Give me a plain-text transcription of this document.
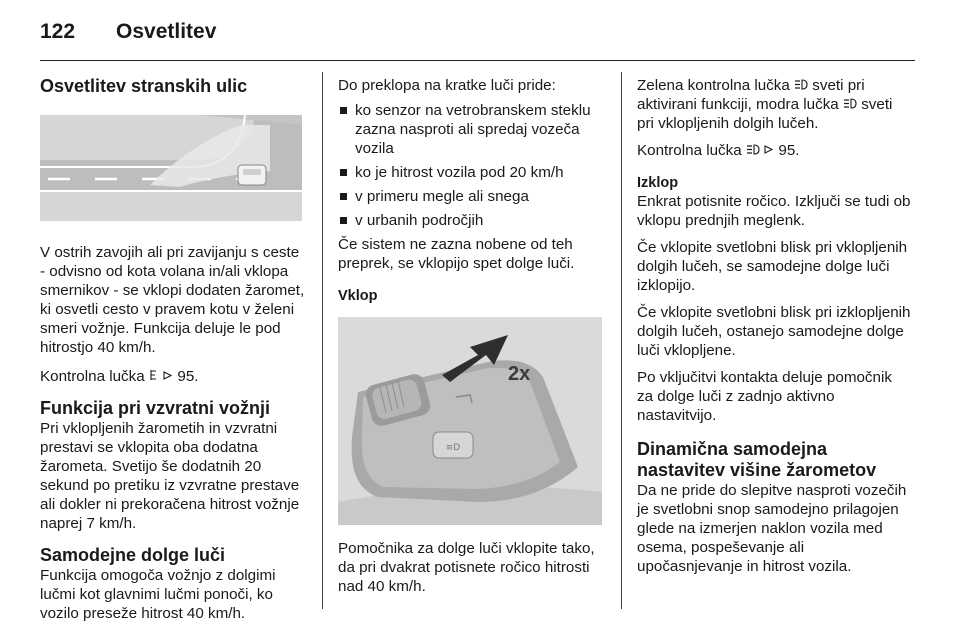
122 Osvetlitev
Osvetlitev stranskih ulic

V ostrih zavojih ali pri zavijanju s ceste - odvisno od kota volana in/ali vklopa smernikov - se vklopi dodaten žaromet, ki osvetli cesto v pravem kotu v želeni smeri vožnje. Funkcija deluje le pod hitrostjo 40 km/h.

Kontrolna lučka 95.

Funkcija pri vzvratni vožnji

Pri vklopljenih žarometih in vzvratni prestavi se vklopita oba dodatna žarometa. Svetijo še dodatnih 20 sekund po pretiku iz vzvratne prestave ali dokler ni prekoračena hitrost vožnje naprej 7 km/h.

Samodejne dolge luči

Funkcija omogoča vožnjo z dolgimi lučmi kot glavnimi lučmi ponoči, ko vozilo preseže hitrost 40 km/h.

Do preklopa na kratke luči pride:

ko senzor na vetrobranskem steklu zazna nasproti ali spredaj vozeča vozila
ko je hitrost vozila pod 20 km/h
v primeru megle ali snega
v urbanih področjih

Če sistem ne zazna nobene od teh preprek, se vklopijo spet dolge luči.

Vklop
≡D
2x

Pomočnika za dolge luči vklopite tako, da pri dvakrat potisnete ročico hitrosti nad 40 km/h.

Zelena kontrolna lučka sveti pri aktivirani funkciji, modra lučka sveti pri vklopljenih dolgih lučeh.

Kontrolna lučka 95.

Izklop

Enkrat potisnite ročico. Izključi se tudi ob vklopu prednjih meglenk.

Če vklopite svetlobni blisk pri vklopljenih dolgih lučeh, se samodejne dolge luči izklopijo.

Če vklopite svetlobni blisk pri izklopljenih dolgih lučeh, ostanejo samodejne dolge luči vklopljene.

Po vključitvi kontakta deluje pomočnik za dolge luči z zadnjo aktivno nastavitvijo.

Dinamična samodejna nastavitev višine žarometov

Da ne pride do slepitve nasproti vozečih je svetlobni snop samodejno prilagojen glede na izmerjen naklon vozila med osema, pospeševanje ali upočasnjevanje in hitrost vozila.
